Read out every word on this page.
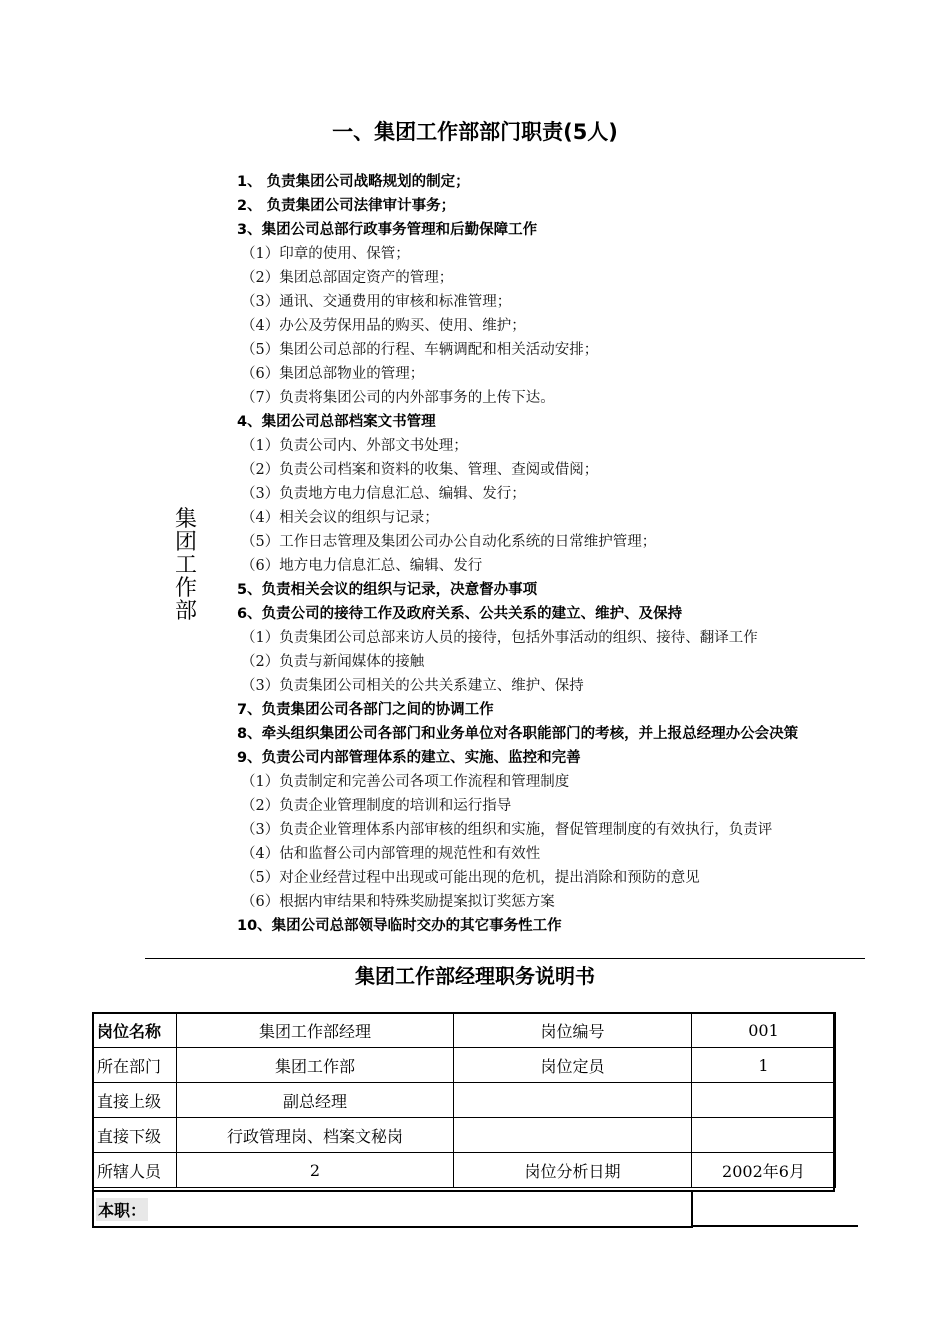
一、集团工作部部门职责(5人)
集团工作部
1、 负责集团公司战略规划的制定；
2、 负责集团公司法律审计事务；
3、集团公司总部行政事务管理和后勤保障工作
（1）印章的使用、保管；
（2）集团总部固定资产的管理；
（3）通讯、交通费用的审核和标准管理；
（4）办公及劳保用品的购买、使用、维护；
（5）集团公司总部的行程、车辆调配和相关活动安排；
（6）集团总部物业的管理；
（7）负责将集团公司的内外部事务的上传下达。
4、集团公司总部档案文书管理
（1）负责公司内、外部文书处理；
（2）负责公司档案和资料的收集、管理、查阅或借阅；
（3）负责地方电力信息汇总、编辑、发行；
（4）相关会议的组织与记录；
（5）工作日志管理及集团公司办公自动化系统的日常维护管理；
（6）地方电力信息汇总、编辑、发行
5、负责相关会议的组织与记录，决意督办事项
6、负责公司的接待工作及政府关系、公共关系的建立、维护、及保持
（1）负责集团公司总部来访人员的接待，包括外事活动的组织、接待、翻译工作
（2）负责与新闻媒体的接触
（3）负责集团公司相关的公共关系建立、维护、保持
7、负责集团公司各部门之间的协调工作
8、牵头组织集团公司各部门和业务单位对各职能部门的考核，并上报总经理办公会决策
9、负责公司内部管理体系的建立、实施、监控和完善
（1）负责制定和完善公司各项工作流程和管理制度
（2）负责企业管理制度的培训和运行指导
（3）负责企业管理体系内部审核的组织和实施，督促管理制度的有效执行，负责评
（4）估和监督公司内部管理的规范性和有效性
（5）对企业经营过程中出现或可能出现的危机，提出消除和预防的意见
（6）根据内审结果和特殊奖励提案拟订奖惩方案
10、集团公司总部领导临时交办的其它事务性工作
集团工作部经理职务说明书
岗位名称	集团工作部经理	岗位编号	001
所在部门	集团工作部	岗位定员	1
直接上级	副总经理		
直接下级	行政管理岗、档案文秘岗		
所辖人员	2	岗位分析日期	2002年6月
本职：
